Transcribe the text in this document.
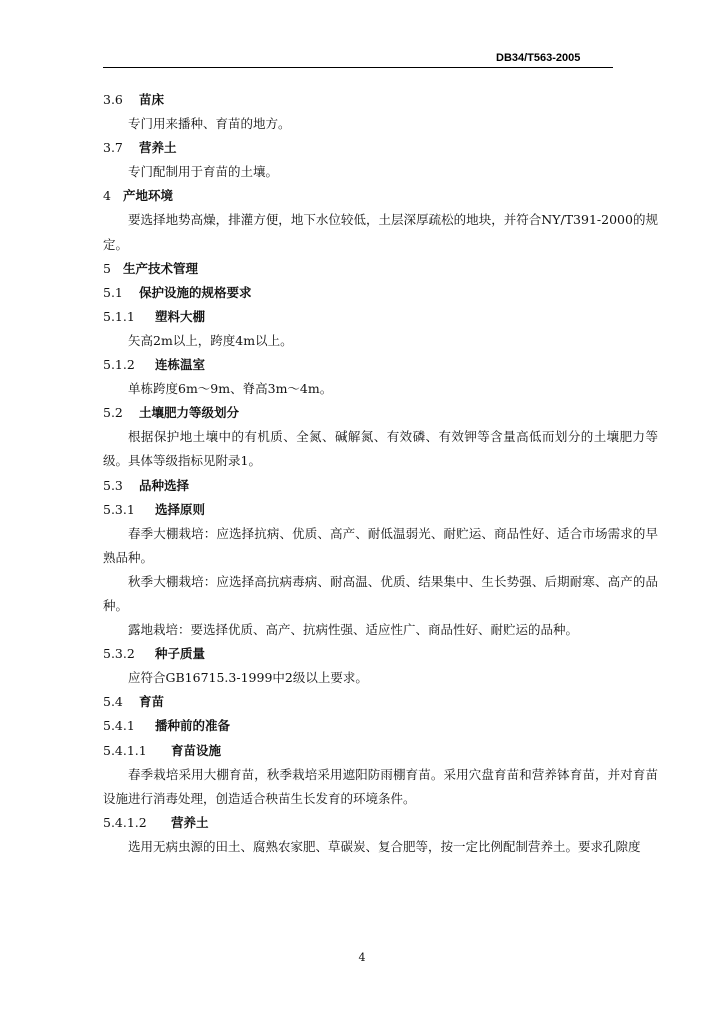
DB34/T563-2005
3.6 苗床
专门用来播种、育苗的地方。
3.7 营养土
专门配制用于育苗的土壤。
4 产地环境
要选择地势高燥，排灌方便，地下水位较低，土层深厚疏松的地块，并符合NY/T391-2000的规定。
5 生产技术管理
5.1 保护设施的规格要求
5.1.1 塑料大棚
矢高2m以上，跨度4m以上。
5.1.2 连栋温室
单栋跨度6m～9m、脊高3m～4m。
5.2 土壤肥力等级划分
根据保护地土壤中的有机质、全氮、碱解氮、有效磷、有效钾等含量高低而划分的土壤肥力等级。具体等级指标见附录1。
5.3 品种选择
5.3.1 选择原则
春季大棚栽培：应选择抗病、优质、高产、耐低温弱光、耐贮运、商品性好、适合市场需求的早熟品种。
秋季大棚栽培：应选择高抗病毒病、耐高温、优质、结果集中、生长势强、后期耐寒、高产的品种。
露地栽培：要选择优质、高产、抗病性强、适应性广、商品性好、耐贮运的品种。
5.3.2 种子质量
应符合GB16715.3-1999中2级以上要求。
5.4 育苗
5.4.1 播种前的准备
5.4.1.1 育苗设施
春季栽培采用大棚育苗，秋季栽培采用遮阳防雨棚育苗。采用穴盘育苗和营养钵育苗，并对育苗设施进行消毒处理，创造适合秧苗生长发育的环境条件。
5.4.1.2 营养土
选用无病虫源的田土、腐熟农家肥、草碳炭、复合肥等，按一定比例配制营养土。要求孔隙度
4
